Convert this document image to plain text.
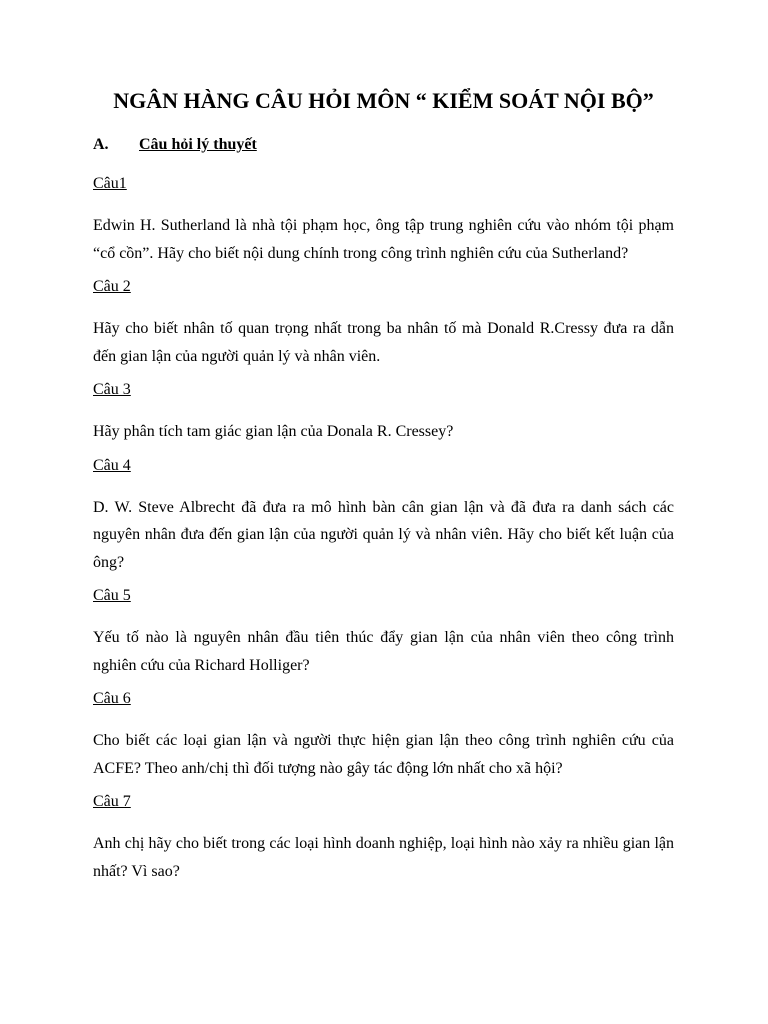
NGÂN HÀNG CÂU HỎI MÔN “ KIỂM SOÁT NỘI BỘ”
A.	Câu hỏi lý thuyết
Câu1

Edwin H. Sutherland là nhà tội phạm học, ông tập trung nghiên cứu vào nhóm tội phạm “cổ cồn”. Hãy cho biết nội dung chính trong công trình nghiên cứu của Sutherland?

Câu 2

Hãy cho biết nhân tố quan trọng nhất trong ba nhân tố mà Donald R.Cressy đưa ra dẫn đến gian lận của người quản lý và nhân viên.

Câu 3

Hãy phân tích tam giác gian lận của Donala R. Cressey?

Câu 4

D. W. Steve Albrecht đã đưa ra mô hình bàn cân gian lận và đã đưa ra danh sách các nguyên nhân đưa đến gian lận của người quản lý và nhân viên. Hãy cho biết kết luận của ông?

Câu 5

Yếu tố nào là nguyên nhân đầu tiên thúc đẩy gian lận của nhân viên theo công trình nghiên cứu của Richard Holliger?

Câu 6

Cho biết các loại gian lận và người thực hiện gian lận theo công trình nghiên cứu của ACFE? Theo anh/chị thì đối tượng nào gây tác động lớn nhất cho xã hội?

Câu 7

Anh chị hãy cho biết trong các loại hình doanh nghiệp, loại hình nào xảy ra nhiều gian lận nhất? Vì sao?
